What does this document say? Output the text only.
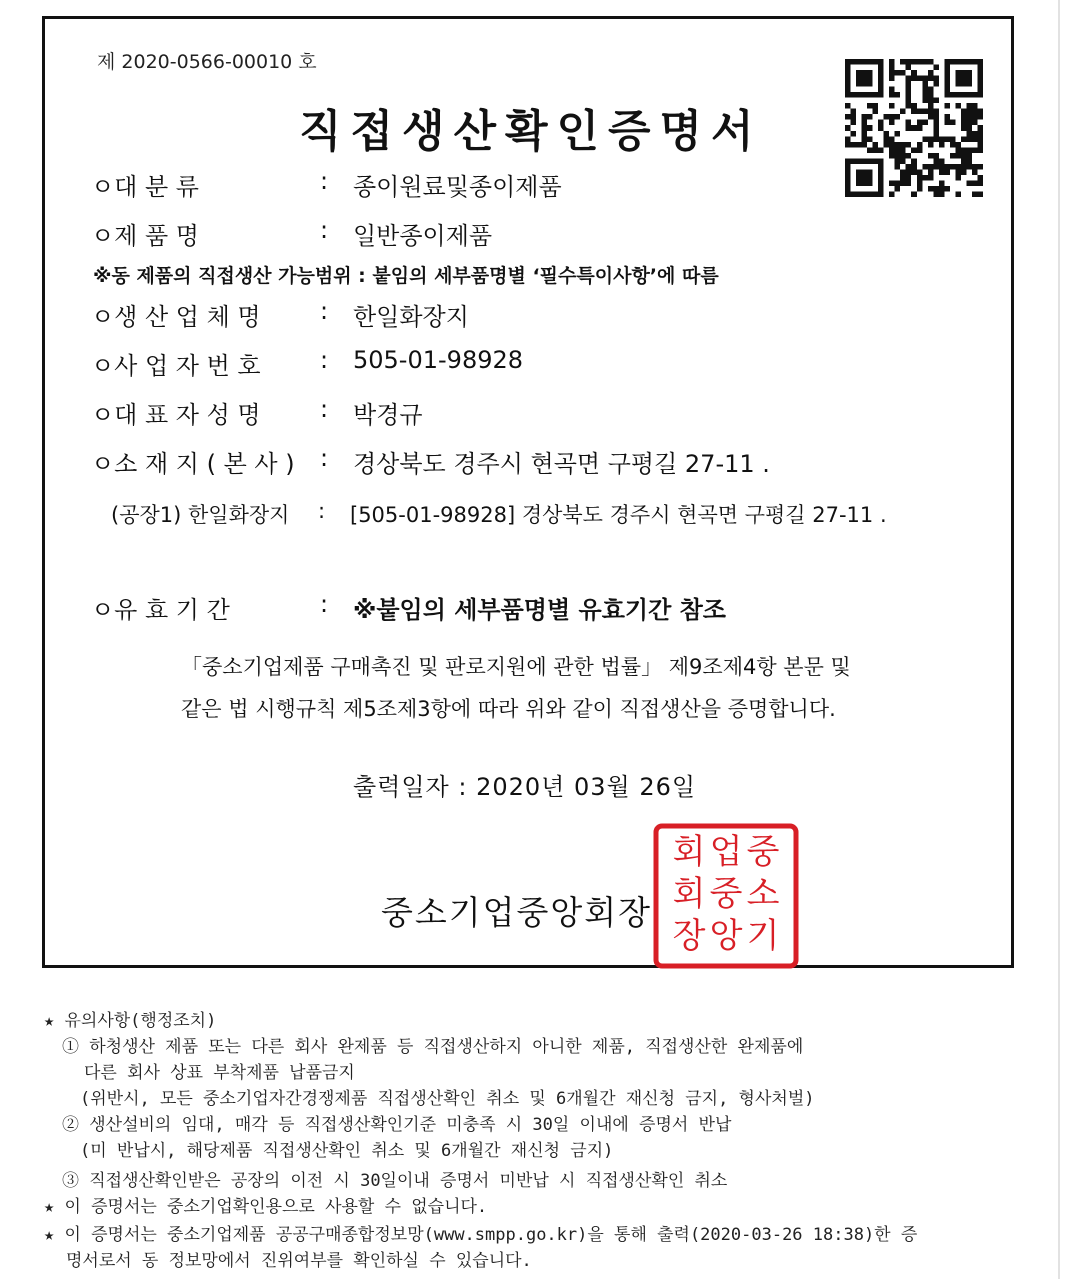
제 2020-0566-00010 호
직접생산확인증명서
ㅇ대 분 류	: 종이원료및종이제품
ㅇ제 품 명	: 일반종이제품
※동 제품의 직접생산 가능범위 : 붙임의 세부품명별 ‘필수특이사항’에 따름
ㅇ생 산 업 체 명 : 한일화장지
ㅇ사 업 자 번 호 : 505-01-98928
ㅇ대 표 자 성 명 : 박경규
ㅇ소 재 지 ( 본 사 ) : 경상북도 경주시 현곡면 구평길 27-11 .
(공장1) 한일화장지 : [505-01-98928] 경상북도 경주시 현곡면 구평길 27-11 .
ㅇ유 효 기 간	: ※붙임의 세부품명별 유효기간 참조
「중소기업제품 구매촉진 및 판로지원에 관한 법률」 제9조제4항 본문 및
같은 법 시행규칙 제5조제3항에 따라 위와 같이 직접생산을 증명합니다.
출력일자 : 2020년 03월 26일
중소기업중앙회장
중
소
기
업
중
앙
회
회
장
★ 유의사항(행정조치)
① 하청생산 제품 또는 다른 회사 완제품 등 직접생산하지 아니한 제품, 직접생산한 완제품에
다른 회사 상표 부착제품 납품금지
(위반시, 모든 중소기업자간경쟁제품 직접생산확인 취소 및 6개월간 재신청 금지, 형사처벌)
② 생산설비의 임대, 매각 등 직접생산확인기준 미충족 시 30일 이내에 증명서 반납
(미 반납시, 해당제품 직접생산확인 취소 및 6개월간 재신청 금지)
③ 직접생산확인받은 공장의 이전 시 30일이내 증명서 미반납 시 직접생산확인 취소
★ 이 증명서는 중소기업확인용으로 사용할 수 없습니다.
★ 이 증명서는 중소기업제품 공공구매종합정보망(www.smpp.go.kr)을 통해 출력(2020-03-26 18:38)한 증
명서로서 동 정보망에서 진위여부를 확인하실 수 있습니다.
